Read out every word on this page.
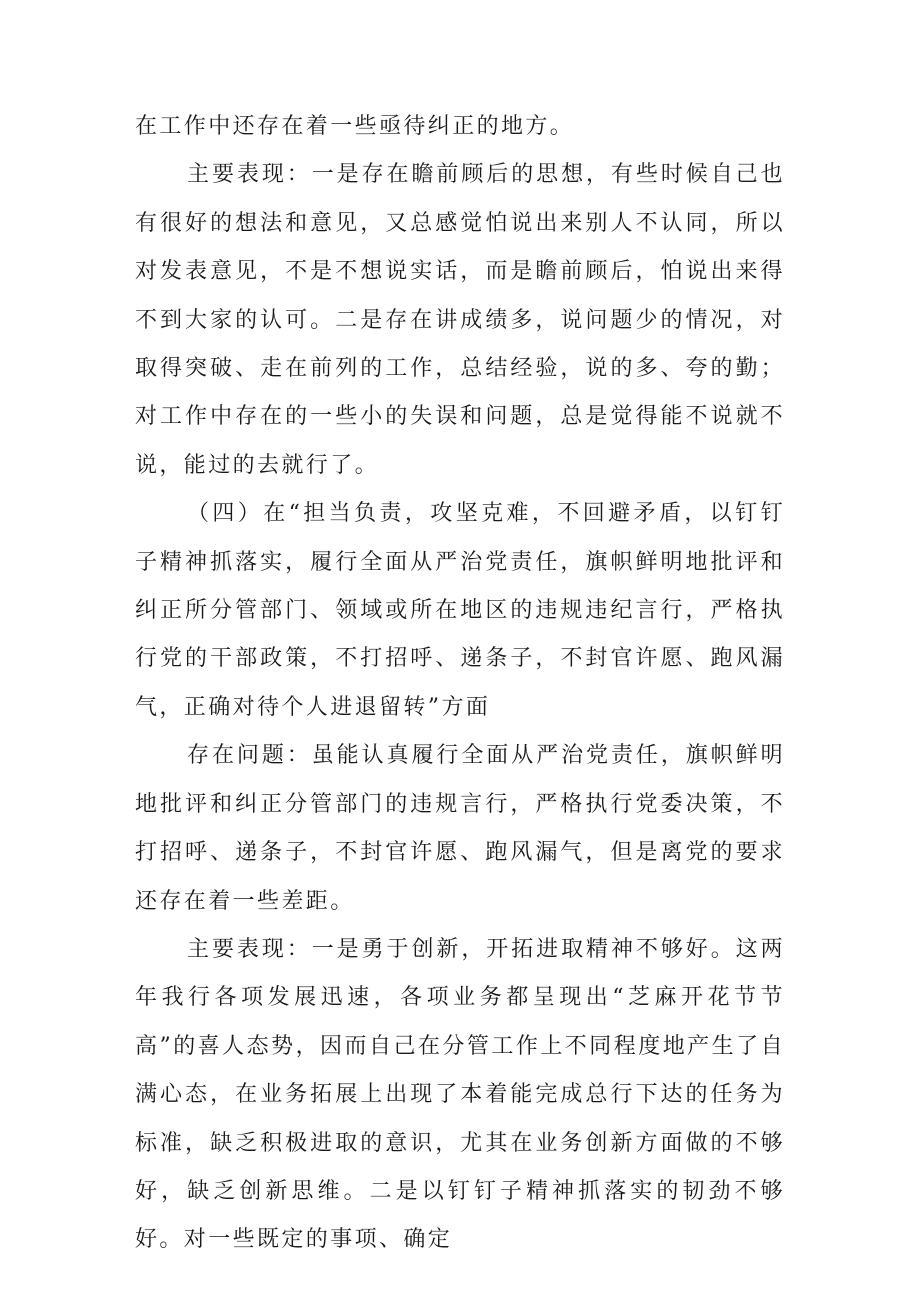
在工作中还存在着一些亟待纠正的地方。

主要表现：一是存在瞻前顾后的思想，有些时候自己也有很好的想法和意见，又总感觉怕说出来别人不认同，所以对发表意见，不是不想说实话，而是瞻前顾后，怕说出来得不到大家的认可。二是存在讲成绩多，说问题少的情况，对取得突破、走在前列的工作，总结经验，说的多、夸的勤；对工作中存在的一些小的失误和问题，总是觉得能不说就不说，能过的去就行了。

（四）在“担当负责，攻坚克难，不回避矛盾，以钉钉子精神抓落实，履行全面从严治党责任，旗帜鲜明地批评和纠正所分管部门、领域或所在地区的违规违纪言行，严格执行党的干部政策，不打招呼、递条子，不封官许愿、跑风漏气，正确对待个人进退留转”方面

存在问题：虽能认真履行全面从严治党责任，旗帜鲜明地批评和纠正分管部门的违规言行，严格执行党委决策，不打招呼、递条子，不封官许愿、跑风漏气，但是离党的要求还存在着一些差距。

主要表现：一是勇于创新，开拓进取精神不够好。这两年我行各项发展迅速，各项业务都呈现出“芝麻开花节节高”的喜人态势，因而自己在分管工作上不同程度地产生了自满心态，在业务拓展上出现了本着能完成总行下达的任务为标准，缺乏积极进取的意识，尤其在业务创新方面做的不够好，缺乏创新思维。二是以钉钉子精神抓落实的韧劲不够好。对一些既定的事项、确定
